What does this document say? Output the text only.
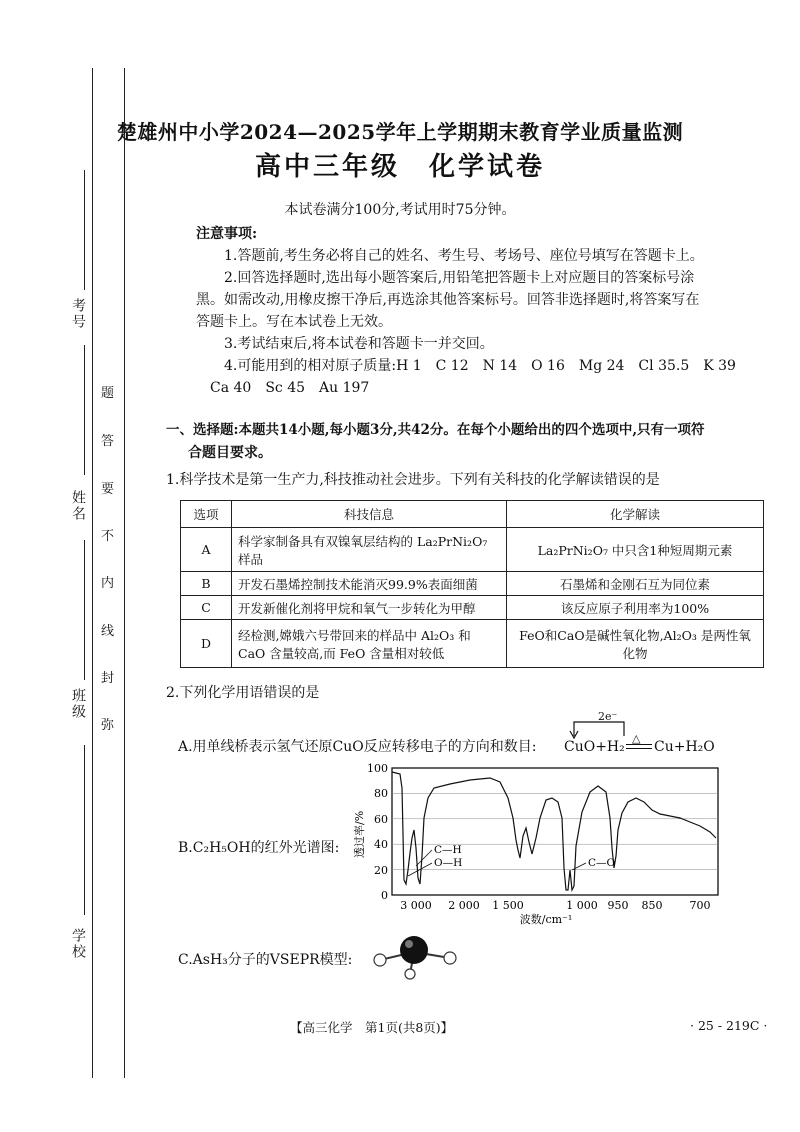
考号
姓名
班级
学校
题
答
要
不
内
线
封
弥
楚雄州中小学2024—2025学年上学期期末教育学业质量监测
高中三年级　化学试卷
本试卷满分100分,考试用时75分钟。
注意事项:
1.答题前,考生务必将自己的姓名、考生号、考场号、座位号填写在答题卡上。
2.回答选择题时,选出每小题答案后,用铅笔把答题卡上对应题目的答案标号涂
黑。如需改动,用橡皮擦干净后,再选涂其他答案标号。回答非选择题时,将答案写在
答题卡上。写在本试卷上无效。
3.考试结束后,将本试卷和答题卡一并交回。
4.可能用到的相对原子质量:H 1　C 12　N 14　O 16　Mg 24　Cl 35.5　K 39
Ca 40　Sc 45　Au 197
一、选择题:本题共14小题,每小题3分,共42分。在每个小题给出的四个选项中,只有一项符
合题目要求。
1.科学技术是第一生产力,科技推动社会进步。下列有关科技的化学解读错误的是
选项	科技信息	化学解读
A	科学家制备具有双镍氧层结构的 La₂PrNi₂O₇ 样品	La₂PrNi₂O₇ 中只含1种短周期元素
B	开发石墨烯控制技术能消灭99.9%表面细菌	石墨烯和金刚石互为同位素
C	开发新催化剂将甲烷和氧气一步转化为甲醇	该反应原子利用率为100%
D	经检测,嫦娥六号带回来的样品中 Al₂O₃ 和 CaO 含量较高,而 FeO 含量相对较低	FeO和CaO是碱性氧化物,Al₂O₃ 是两性氧化物
2.下列化学用语错误的是
A.用单线桥表示氢气还原CuO反应转移电子的方向和数目:
2e⁻
CuO+H₂
△
Cu+H₂O
B.C₂H₅OH的红外光谱图:
100
80
60
40
20
0
透过率/%	C—H
O—H	C—O
3 000 2 000 1 500	1 000 950 850 700
波数/cm⁻¹
C.AsH₃分子的VSEPR模型:
【高三化学　第1页(共8页)】	· 25 - 219C ·
